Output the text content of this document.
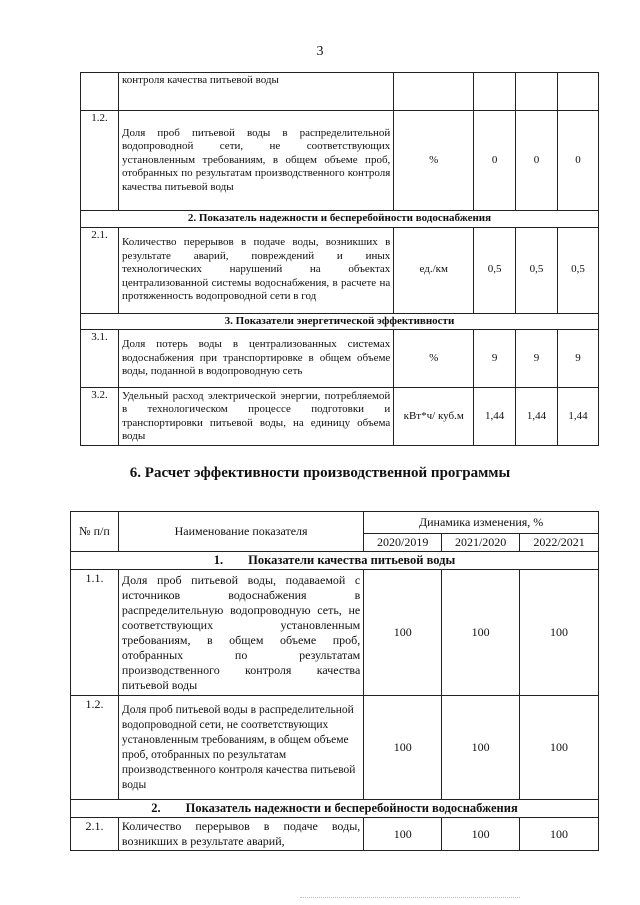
3
	контроля качества питьевой воды				
1.2.	Доля проб питьевой воды в распределительной водопроводной сети, не соответствующих установленным требованиям, в общем объеме проб, отобранных по результатам производственного контроля качества питьевой воды	%	0	0	0
2. Показатель надежности и бесперебойности водоснабжения					
2.1.	Количество перерывов в подаче воды, возникших в результате аварий, повреждений и иных технологических нарушений на объектах централизованной системы водоснабжения, в расчете на протяженность водопроводной сети в год	ед./км	0,5	0,5	0,5
3. Показатели энергетической эффективности					
3.1.	Доля потерь воды в централизованных системах водоснабжения при транспортировке в общем объеме воды, поданной в водопроводную сеть	%	9	9	9
3.2.	Удельный расход электрической энергии, потребляемой в технологическом процессе подготовки и транспортировки питьевой воды, на единицу объема воды	кВт*ч/ куб.м	1,44	1,44	1,44
6. Расчет эффективности производственной программы
№ п/п	Наименование показателя	Динамика изменения, %		
		2020/2019	2021/2020	2022/2021
1.        Показатели качества питьевой воды				
1.1.	Доля проб питьевой воды, подаваемой с источников водоснабжения в распределительную водопроводную сеть, не соответствующих установленным требованиям, в общем объеме проб, отобранных по результатам производственного контроля качества питьевой воды	100	100	100
1.2.	Доля проб питьевой воды в распределительной водопроводной сети, не соответствующих установленным требованиям, в общем объеме проб, отобранных по результатам производственного контроля качества питьевой воды	100	100	100
2.        Показатель надежности и бесперебойности водоснабжения				
2.1.	Количество перерывов в подаче воды, возникших в результате аварий,	100	100	100
